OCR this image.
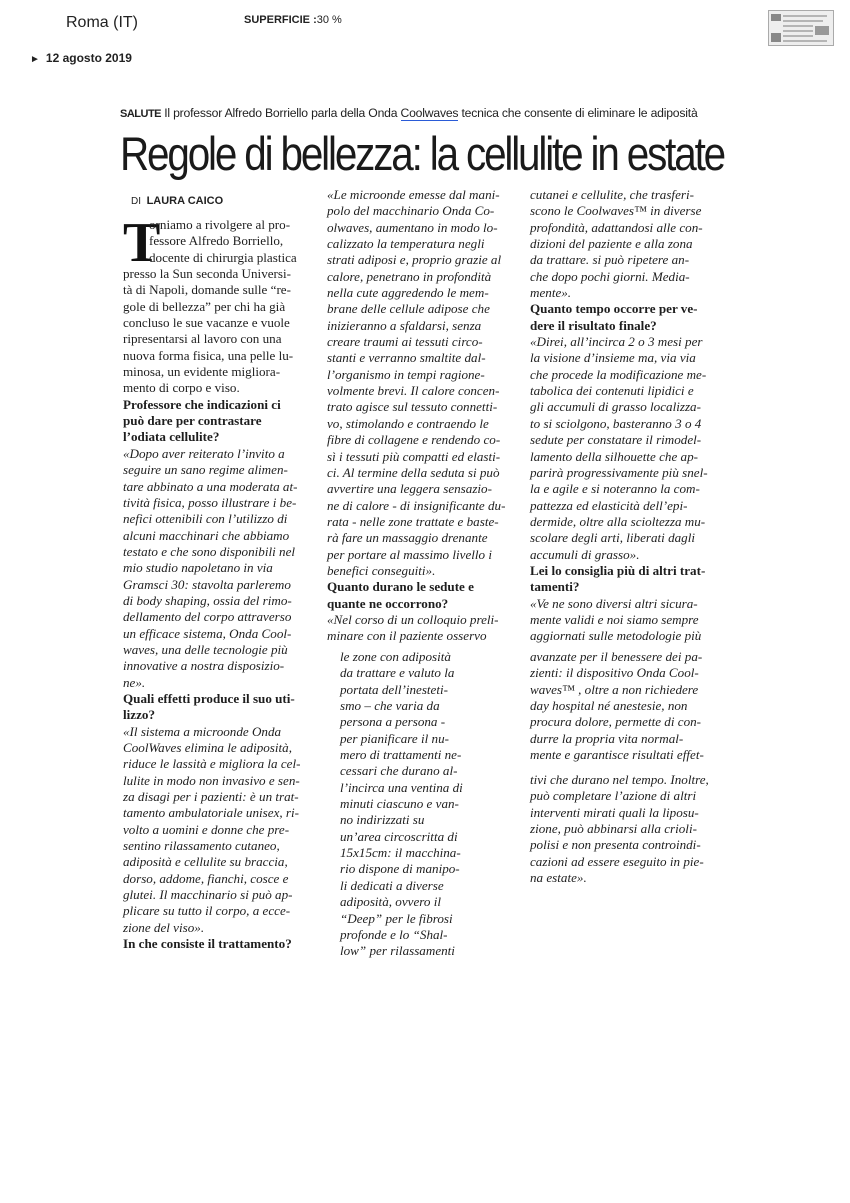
Roma (IT)	SUPERFICIE :30 %
► 12 agosto 2019
SALUTE Il professor Alfredo Borriello parla della Onda Coolwaves tecnica che consente di eliminare le adiposità
Regole di bellezza: la cellulite in estate
DI LAURA CAICO
T
orniamo a rivolgere al pro-
fessore Alfredo Borriello,
docente di chirurgia plastica
presso la Sun seconda Universi-
tà di Napoli, domande sulle “re-
gole di bellezza” per chi ha già
concluso le sue vacanze e vuole
ripresentarsi al lavoro con una
nuova forma fisica, una pelle lu-
minosa, un evidente migliora-
mento di corpo e viso.
Professore che indicazioni ci
può dare per contrastare
l’odiata cellulite?
«Dopo aver reiterato l’invito a
seguire un sano regime alimen-
tare abbinato a una moderata at-
tività fisica, posso illustrare i be-
nefici ottenibili con l’utilizzo di
alcuni macchinari che abbiamo
testato e che sono disponibili nel
mio studio napoletano in via
Gramsci 30: stavolta parleremo
di body shaping, ossia del rimo-
dellamento del corpo attraverso
un efficace sistema, Onda Cool-
waves, una delle tecnologie più
innovative a nostra disposizio-
ne».
Quali effetti produce il suo uti-
lizzo?
«Il sistema a microonde Onda
CoolWaves elimina le adiposità,
riduce le lassità e migliora la cel-
lulite in modo non invasivo e sen-
za disagi per i pazienti: è un trat-
tamento ambulatoriale unisex, ri-
volto a uomini e donne che pre-
sentino rilassamento cutaneo,
adiposità e cellulite su braccia,
dorso, addome, fianchi, cosce e
glutei. Il macchinario si può ap-
plicare su tutto il corpo, a ecce-
zione del viso».
In che consiste il trattamento?
«Le microonde emesse dal mani-
polo del macchinario Onda Co-
olwaves, aumentano in modo lo-
calizzato la temperatura negli
strati adiposi e, proprio grazie al
calore, penetrano in profondità
nella cute aggredendo le mem-
brane delle cellule adipose che
inizieranno a sfaldarsi, senza
creare traumi ai tessuti circo-
stanti e verranno smaltite dal-
l’organismo in tempi ragione-
volmente brevi. Il calore concen-
trato agisce sul tessuto connetti-
vo, stimolando e contraendo le
fibre di collagene e rendendo co-
sì i tessuti più compatti ed elasti-
ci. Al termine della seduta si può
avvertire una leggera sensazio-
ne di calore - di insignificante du-
rata - nelle zone trattate e baste-
rà fare un massaggio drenante
per portare al massimo livello i
benefici conseguiti».
Quanto durano le sedute e
quante ne occorrono?
«Nel corso di un colloquio preli-
minare con il paziente osservo
le zone con adiposità
da trattare e valuto la
portata dell’inesteti-
smo – che varia da
persona a persona -
per pianificare il nu-
mero di trattamenti ne-
cessari che durano al-
l’incirca una ventina di
minuti ciascuno e van-
no indirizzati su
un’area circoscritta di
15x15cm: il macchina-
rio dispone di manipo-
li dedicati a diverse
adiposità, ovvero il
“Deep” per le fibrosi
profonde e lo “Shal-
low” per rilassamenti
cutanei e cellulite, che trasferi-
scono le Coolwaves™ in diverse
profondità, adattandosi alle con-
dizioni del paziente e alla zona
da trattare. si può ripetere an-
che dopo pochi giorni. Media-
mente».
Quanto tempo occorre per ve-
dere il risultato finale?
«Direi, all’incirca 2 o 3 mesi per
la visione d’insieme ma, via via
che procede la modificazione me-
tabolica dei contenuti lipidici e
gli accumuli di grasso localizza-
to si sciolgono, basteranno 3 o 4
sedute per constatare il rimodel-
lamento della silhouette che ap-
parirà progressivamente più snel-
la e agile e si noteranno la com-
pattezza ed elasticità dell’epi-
dermide, oltre alla scioltezza mu-
scolare degli arti, liberati dagli
accumuli di grasso».
Lei lo consiglia più di altri trat-
tamenti?
«Ve ne sono diversi altri sicura-
mente validi e noi siamo sempre
aggiornati sulle metodologie più
avanzate per il benessere dei pa-
zienti: il dispositivo Onda Cool-
waves™ , oltre a non richiedere
day hospital né anestesie, non
procura dolore, permette di con-
durre la propria vita normal-
mente e garantisce risultati effet-
tivi che durano nel tempo. Inoltre,
può completare l’azione di altri
interventi mirati quali la liposu-
zione, può abbinarsi alla crioli-
polisi e non presenta controindi-
cazioni ad essere eseguito in pie-
na estate».
